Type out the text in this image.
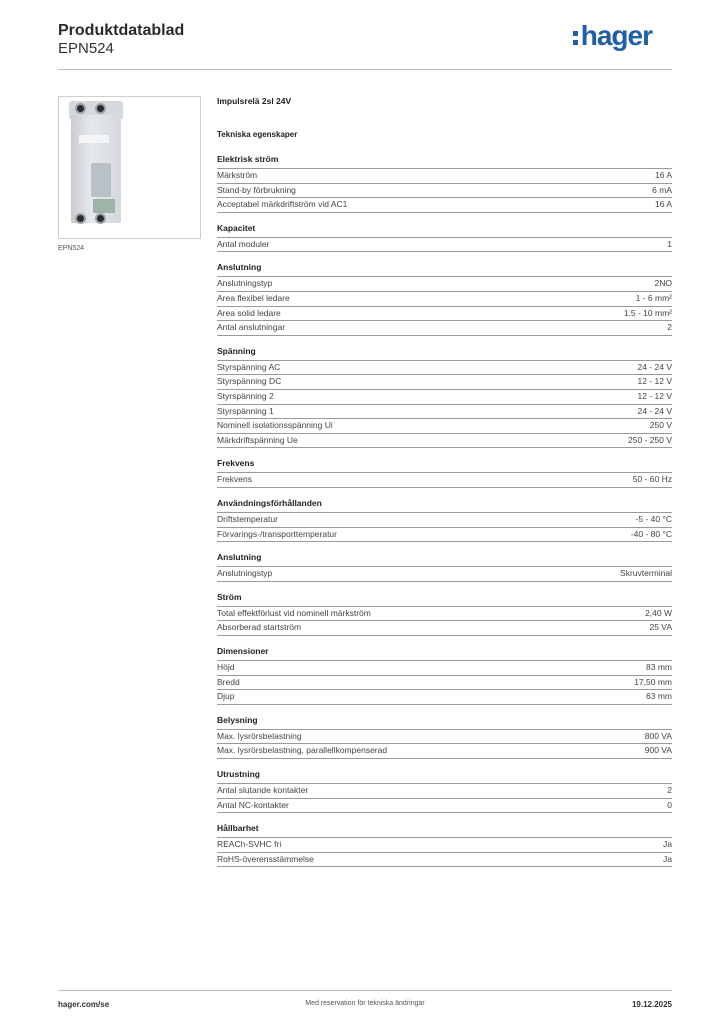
Produktdatablad
EPN524	hager
EPN524
Impulsrelä 2sl 24V
Tekniska egenskaper
Elektrisk ström
Märkström	16 A
Stand-by förbrukning	6 mA
Acceptabel märkdriftström vid AC1	16 A
Kapacitet
Antal moduler	1
Anslutning
Anslutningstyp	2NO
Area flexibel ledare	1 - 6 mm²
Area solid ledare	1.5 - 10 mm²
Antal anslutningar	2
Spänning
Styrspänning AC	24 - 24 V
Styrspänning DC	12 - 12 V
Styrspänning 2	12 - 12 V
Styrspänning 1	24 - 24 V
Nominell isolationsspänning Ui	250 V
Märkdriftspänning Ue	250 - 250 V
Frekvens
Frekvens	50 - 60 Hz
Användningsförhållanden
Driftstemperatur	-5 - 40 °C
Förvarings-/transporttemperatur	-40 - 80 °C
Anslutning
Anslutningstyp	Skruvterminal
Ström
Total effektförlust vid nominell märkström	2,40 W
Absorberad startström	25 VA
Dimensioner
Höjd	83 mm
Bredd	17,50 mm
Djup	63 mm
Belysning
Max. lysrörsbelastning	800 VA
Max. lysrörsbelastning, parallellkompenserad	900 VA
Utrustning
Antal slutande kontakter	2
Antal NC-kontakter	0
Hållbarhet
REACh-SVHC fri	Ja
RoHS-överensstämmelse	Ja
hager.com/se	Med reservation för tekniska ändringar	19.12.2025
